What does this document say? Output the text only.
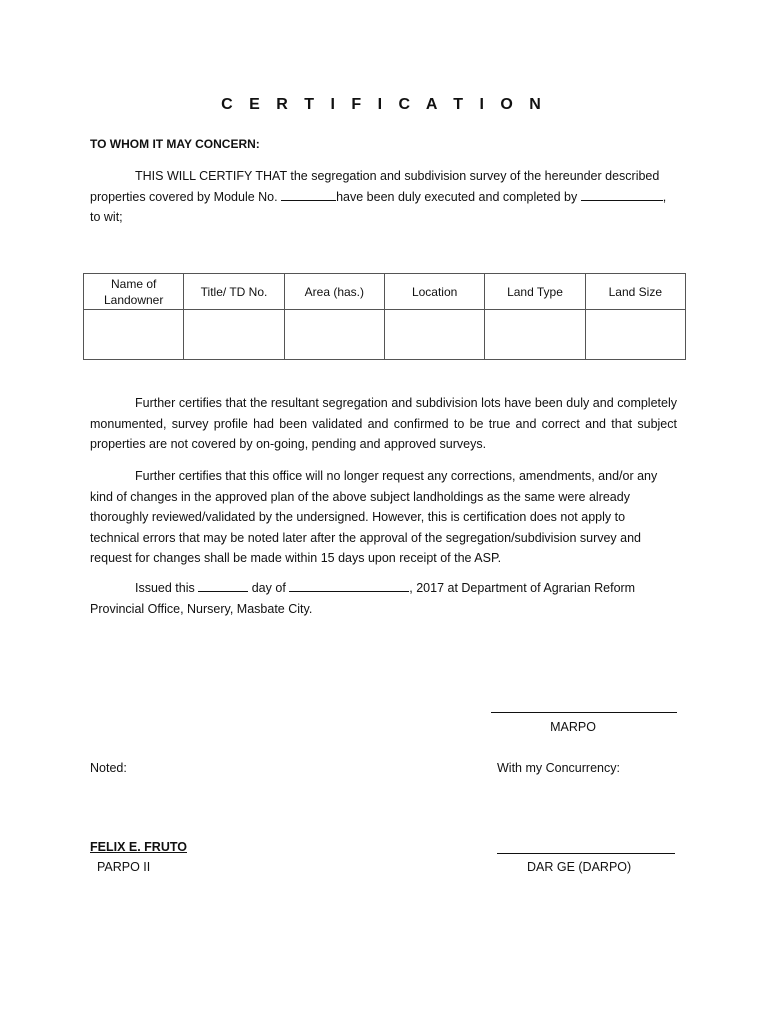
C E R T I F I C A T I O N
TO WHOM IT MAY CONCERN:
THIS WILL CERTIFY THAT the segregation and subdivision survey of the hereunder described properties covered by Module No.	have been duly executed and completed by	,
to wit;
Name of Landowner	Title/ TD No.	Area (has.)	Location	Land Type	Land Size

Further certifies that the resultant segregation and subdivision lots have been duly and completely monumented, survey profile had been validated and confirmed to be true and correct and that subject properties are not covered by on-going, pending and approved surveys.
Further certifies that this office will no longer request any corrections, amendments, and/or any kind of changes in the approved plan of the above subject landholdings as the same were already thoroughly reviewed/validated by the undersigned. However, this is certification does not apply to technical errors that may be noted later after the approval of the segregation/subdivision survey and request for changes shall be made within 15 days upon receipt of the ASP.
Issued this	day of	, 2017 at Department of Agrarian Reform Provincial Office, Nursery, Masbate City.
MARPO
Noted:	With my Concurrency:
FELIX E. FRUTO
PARPO II	DAR GE (DARPO)
